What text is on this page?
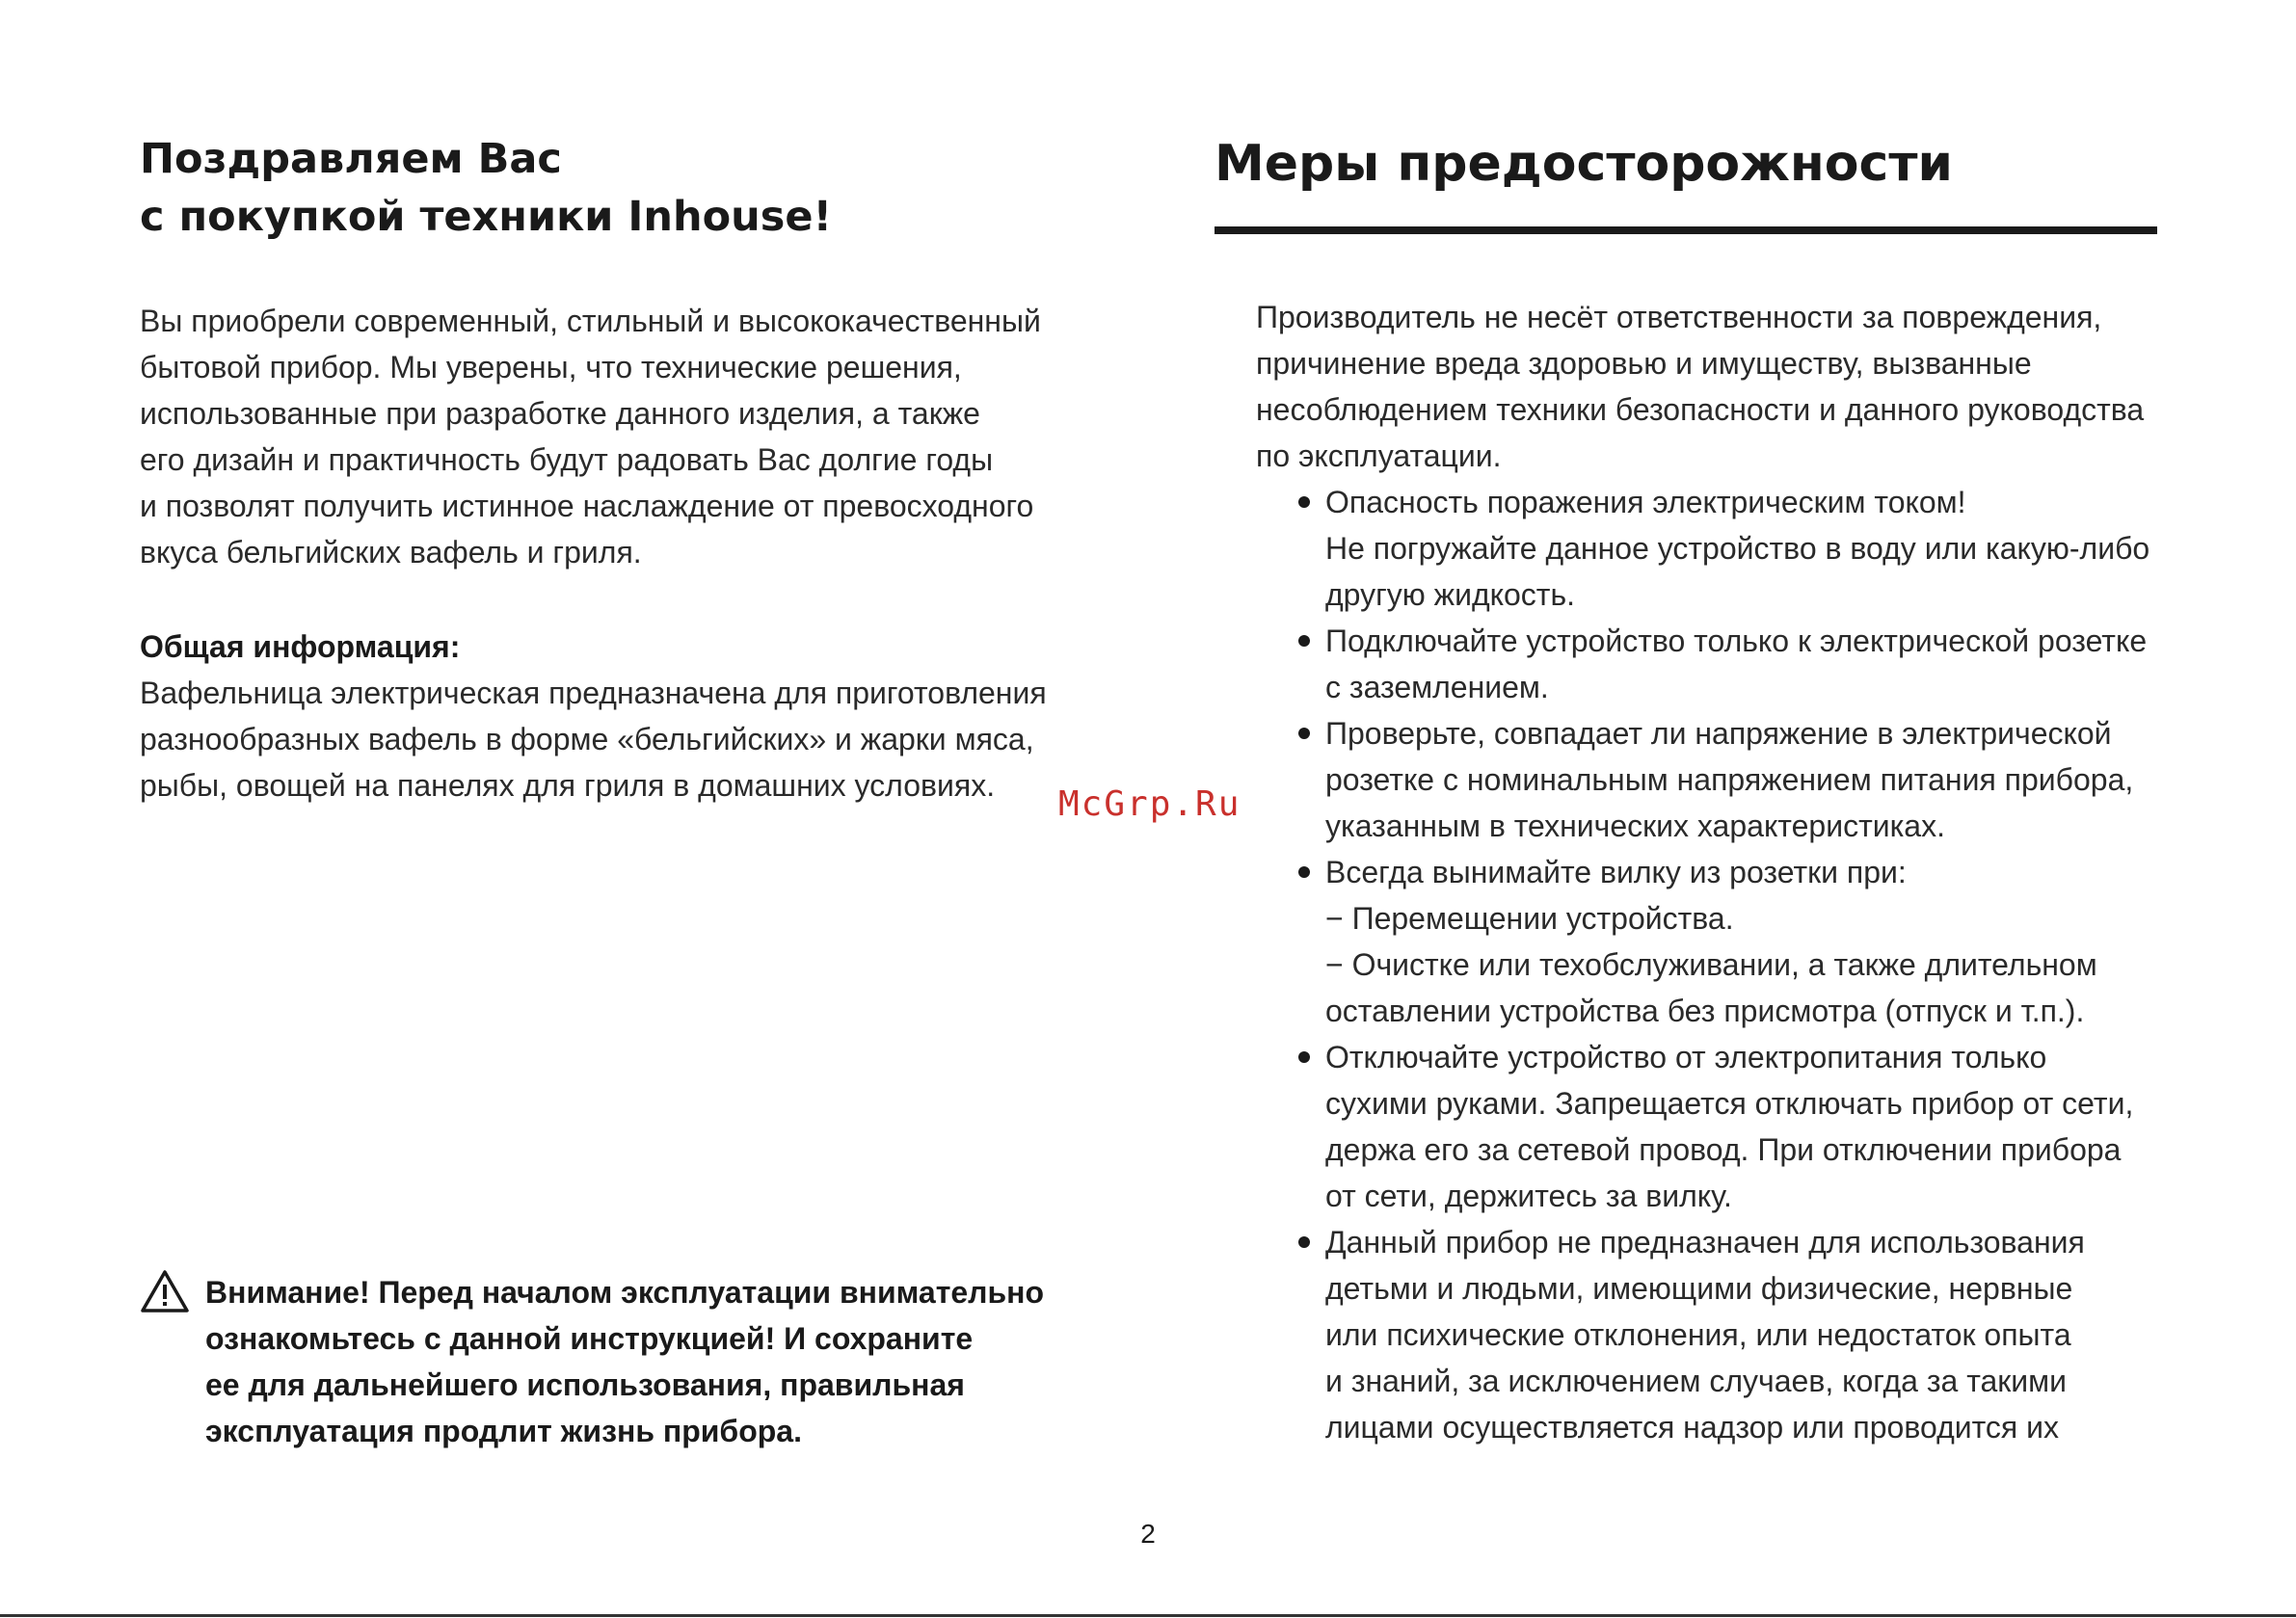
Поздравляем Вас
с покупкой техники Inhouse!
Вы приобрели современный, стильный и высококачественный
бытовой прибор. Мы уверены, что технические решения,
использованные при разработке данного изделия, а также
его дизайн и практичность будут радовать Вас долгие годы
и позволят получить истинное наслаждение от превосходного
вкуса бельгийских вафель и гриля.
Общая информация:
Вафельница электрическая предназначена для приготовления
разнообразных вафель в форме «бельгийских» и жарки мяса,
рыбы, овощей на панелях для гриля в домашних условиях.
Внимание! Перед началом эксплуатации внимательно
ознакомьтесь с данной инструкцией! И сохраните
ее для дальнейшего использования, правильная
эксплуатация продлит жизнь прибора.
Меры предосторожности
Производитель не несёт ответственности за повреждения,
причинение вреда здоровью и имуществу, вызванные
несоблюдением техники безопасности и данного руководства
по эксплуатации.
Опасность поражения электрическим током!
Не погружайте данное устройство в воду или какую-либо
другую жидкость.
Подключайте устройство только к электрической розетке
с заземлением.
Проверьте, совпадает ли напряжение в электрической
розетке с номинальным напряжением питания прибора,
указанным в технических характеристиках.
Всегда вынимайте вилку из розетки при:
− Перемещении устройства.
− Очистке или техобслуживании, а также длительном
оставлении устройства без присмотра (отпуск и т.п.).
Отключайте устройство от электропитания только
сухими руками. Запрещается отключать прибор от сети,
держа его за сетевой провод. При отключении прибора
от сети, держитесь за вилку.
Данный прибор не предназначен для использования
детьми и людьми, имеющими физические, нервные
или психические отклонения, или недостаток опыта
и знаний, за исключением случаев, когда за такими
лицами осуществляется надзор или проводится их
McGrp.Ru
2
